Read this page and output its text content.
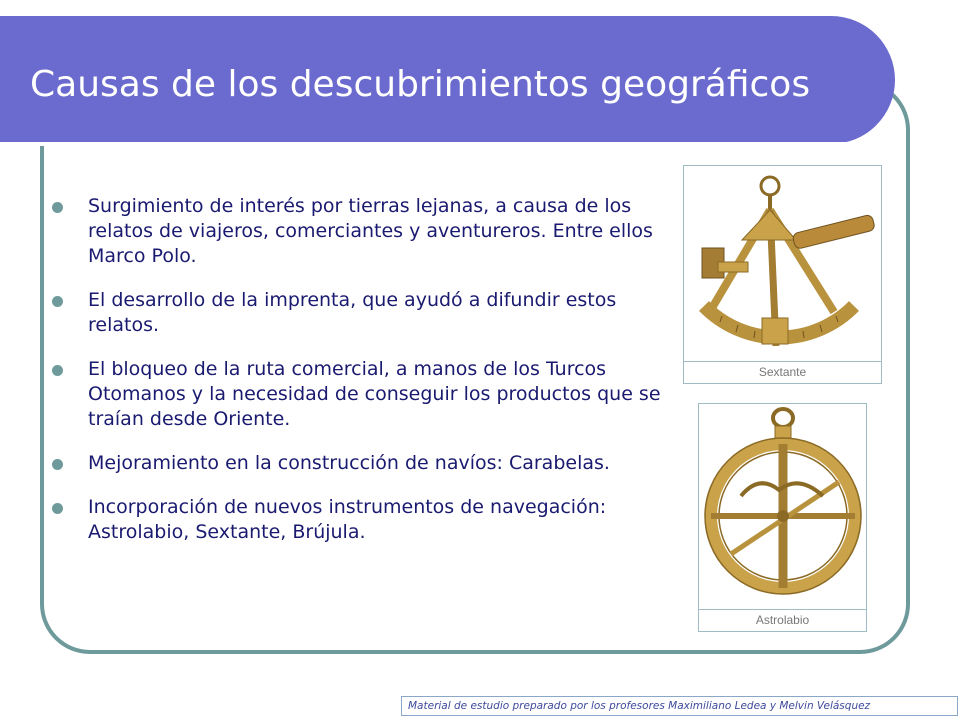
Causas de los descubrimientos geográficos
Surgimiento de interés por tierras lejanas, a causa de los relatos de viajeros, comerciantes y aventureros. Entre ellos Marco Polo.
El desarrollo de la imprenta, que ayudó a difundir estos relatos.
El bloqueo de la ruta comercial, a manos de los Turcos Otomanos y la necesidad de conseguir los productos que se traían desde Oriente.
Mejoramiento en la construcción de navíos: Carabelas.
Incorporación de nuevos instrumentos de navegación: Astrolabio, Sextante, Brújula.
Sextante
Astrolabio
Material de estudio preparado por los profesores Maximiliano Ledea y Melvin Velásquez
